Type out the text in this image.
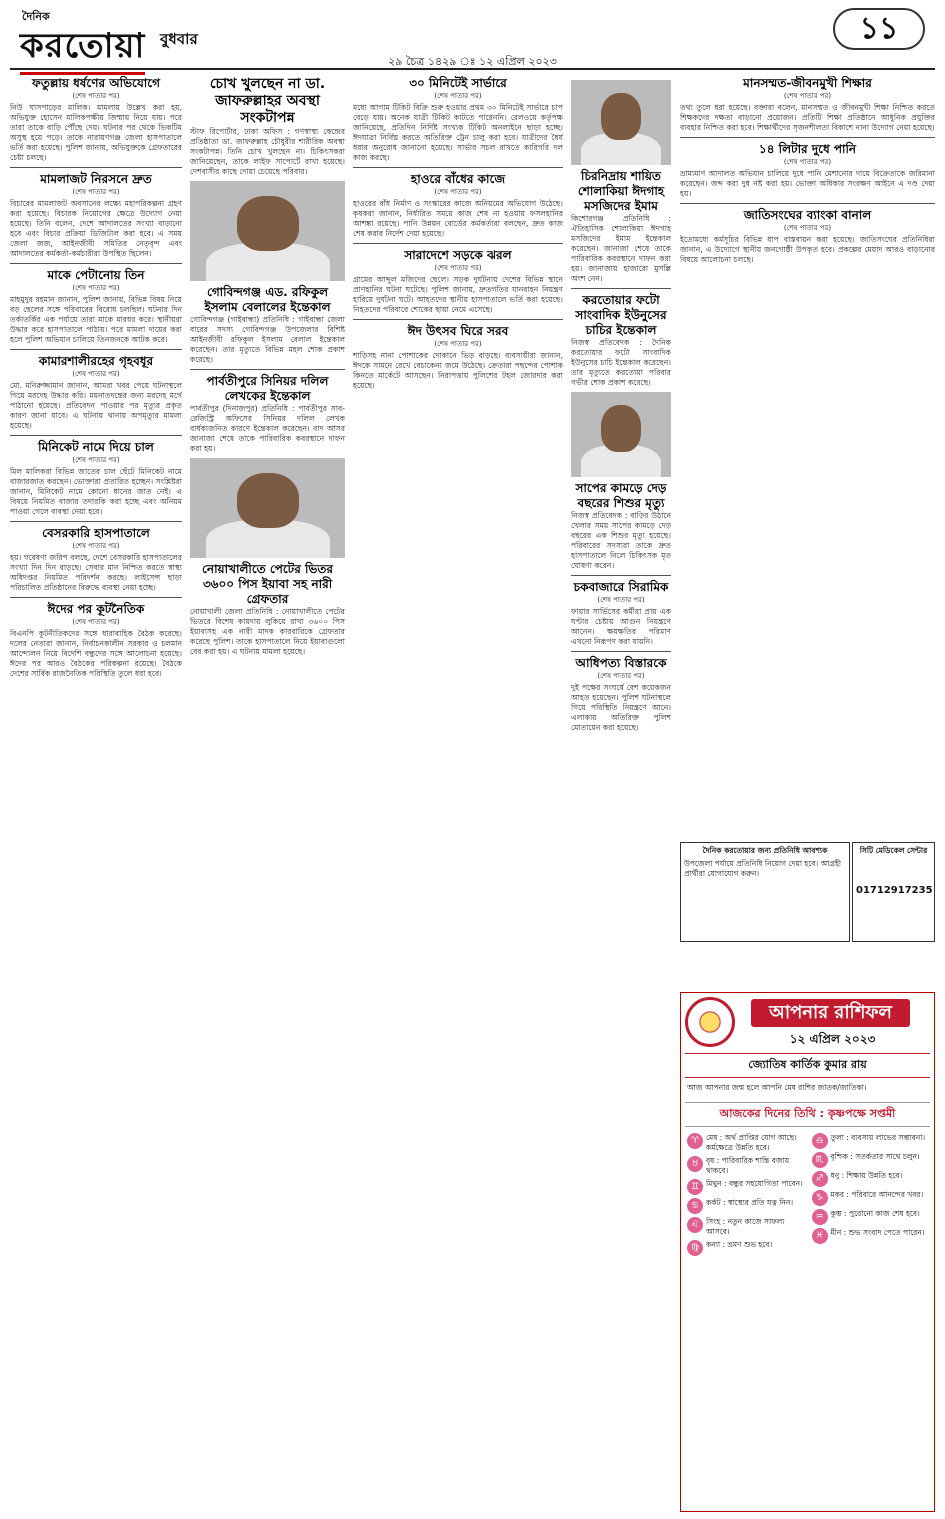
দৈনিক
করতোয়া বুধবার
২৯ চৈত্র ১৪২৯ ঃ ১২ এপ্রিল ২০২৩
১১
ফতুল্লায় ধর্ষণের অভিযোগে
(শেষ পাতার পর)

নিউ ঘাসপাড়ের মালিক। মামলায় উল্লেখ করা হয়, অভিযুক্ত হোসেন মালিকপক্ষীয় জিম্মায় নিয়ে যায়। পরে তারা তাকে বাড়ি পৌঁছে দেয়। ঘটনার পর থেকে ভিকটিম অসুস্থ হয়ে পড়ে। তাকে নারায়ণগঞ্জ জেলা হাসপাতালে ভর্তি করা হয়েছে। পুলিশ জানায়, অভিযুক্তকে গ্রেফতারের চেষ্টা চলছে।

মামলাজট নিরসনে দ্রুত
(শেষ পাতার পর)

বিচারের মামলাজট অবসানের লক্ষ্যে মহাপরিকল্পনা গ্রহণ করা হয়েছে। বিচারক নিয়োগের ক্ষেত্রে উদ্যোগ নেয়া হয়েছে। তিনি বলেন, দেশে আদালতের সংখ্যা বাড়ানো হবে এবং বিচার প্রক্রিয়া ডিজিটাল করা হবে। এ সময় জেলা জজ, আইনজীবী সমিতির নেতৃবৃন্দ এবং আদালতের কর্মকর্তা-কর্মচারীরা উপস্থিত ছিলেন।

মাকে পেটানোয় তিন
(শেষ পাতার পর)

মাহমুদুর রহমান জানান, পুলিশ জানায়, বিভিন্ন বিষয় নিয়ে বড় ছেলের সঙ্গে পরিবারের বিরোধ চলছিল। ঘটনার দিন তর্কাতর্কির এক পর্যায়ে তারা মাকে মারধর করে। স্থানীয়রা উদ্ধার করে হাসপাতালে পাঠায়। পরে মামলা দায়ের করা হলে পুলিশ অভিযান চালিয়ে তিনজনকে আটক করে।

কামারশালীরহের গৃহবধূর
(শেষ পাতার পর)

মো. মনিরুজ্জামান জানান, আমরা খবর পেয়ে ঘটনাস্থলে গিয়ে মরদেহ উদ্ধার করি। ময়নাতদন্তের জন্য মরদেহ মর্গে পাঠানো হয়েছে। প্রতিবেদন পাওয়ার পর মৃত্যুর প্রকৃত কারণ জানা যাবে। এ ঘটনায় থানায় অপমৃত্যুর মামলা হয়েছে।

মিনিকেট নামে দিয়ে চাল
(শেষ পাতার পর)

মিল মালিকরা বিভিন্ন জাতের চাল ছেঁটে মিনিকেট নামে বাজারজাত করছেন। ভোক্তারা প্রতারিত হচ্ছেন। সংশ্লিষ্টরা জানান, মিনিকেট নামে কোনো ধানের জাত নেই। এ বিষয়ে নিয়মিত বাজার তদারকি করা হচ্ছে এবং অনিয়ম পাওয়া গেলে ব্যবস্থা নেয়া হবে।

বেসরকারি হাসপাতালে
(শেষ পাতার পর)

হয়। গবেষণা জরিপ বলছে, দেশে বেসরকারি হাসপাতালের সংখ্যা দিন দিন বাড়ছে। সেবার মান নিশ্চিত করতে স্বাস্থ্য অধিদপ্তর নিয়মিত পরিদর্শন করছে। লাইসেন্স ছাড়া পরিচালিত প্রতিষ্ঠানের বিরুদ্ধে ব্যবস্থা নেয়া হচ্ছে।

ঈদের পর কূটনৈতিক
(শেষ পাতার পর)

বিএনপি কূটনীতিকদের সঙ্গে ধারাবাহিক বৈঠক করেছে। দলের নেতারা জানান, নির্বাচনকালীন সরকার ও চলমান আন্দোলন নিয়ে বিদেশি বন্ধুদের সঙ্গে আলোচনা হয়েছে। ঈদের পর আরও বৈঠকের পরিকল্পনা রয়েছে। বৈঠকে দেশের সার্বিক রাজনৈতিক পরিস্থিতি তুলে ধরা হবে।

চোখ খুলছেন না ডা. জাফরুল্লাহর অবস্থা সংকটাপন্ন

স্টাফ রিপোর্টার, ঢাকা অফিস : গণস্বাস্থ্য কেন্দ্রের প্রতিষ্ঠাতা ডা. জাফরুল্লাহ চৌধুরীর শারীরিক অবস্থা সংকটাপন্ন। তিনি চোখ খুলছেন না। চিকিৎসকরা জানিয়েছেন, তাকে লাইফ সাপোর্টে রাখা হয়েছে। দেশবাসীর কাছে দোয়া চেয়েছে পরিবার।

গোবিন্দগঞ্জ এড. রফিকুল ইসলাম বেলালের ইন্তেকাল

গোবিন্দগঞ্জ (গাইবান্ধা) প্রতিনিধি : গাইবান্ধা জেলা বারের সদস্য গোবিন্দগঞ্জ উপজেলার বিশিষ্ট আইনজীবী রফিকুল ইসলাম বেলাল ইন্তেকাল করেছেন। তার মৃত্যুতে বিভিন্ন মহল শোক প্রকাশ করেছে।

পার্বতীপুরে সিনিয়র দলিল লেখকের ইন্তেকাল

পার্বতীপুর (দিনাজপুর) প্রতিনিধি : পার্বতীপুর সাব-রেজিস্ট্রি অফিসের সিনিয়র দলিল লেখক বার্ধক্যজনিত কারণে ইন্তেকাল করেছেন। বাদ আসর জানাজা শেষে তাকে পারিবারিক কবরস্থানে দাফন করা হয়।

নোয়াখালীতে পেটের ভিতর ৩৬০০ পিস ইয়াবা সহ নারী গ্রেফতার

নোয়াখালী জেলা প্রতিনিধি : নোয়াখালীতে পেটের ভিতরে বিশেষ কায়দায় লুকিয়ে রাখা ৩৬০০ পিস ইয়াবাসহ এক নারী মাদক কারবারিকে গ্রেফতার করেছে পুলিশ। তাকে হাসপাতালে নিয়ে ইয়াবাগুলো বের করা হয়। এ ঘটনায় মামলা হয়েছে।

৩০ মিনিটেই সার্ভারে
(শেষ পাতার পর)

মধ্যে আগাম টিকিট বিক্রি শুরু হওয়ার প্রথম ৩০ মিনিটেই সার্ভারে চাপ বেড়ে যায়। অনেক যাত্রী টিকিট কাটতে পারেননি। রেলওয়ে কর্তৃপক্ষ জানিয়েছে, প্রতিদিন নির্দিষ্ট সংখ্যক টিকিট অনলাইনে ছাড়া হচ্ছে। ঈদযাত্রা নির্বিঘ্ন করতে অতিরিক্ত ট্রেন চালু করা হবে। যাত্রীদের ধৈর্য ধরার অনুরোধ জানানো হয়েছে। সার্ভার সচল রাখতে কারিগরি দল কাজ করছে।

হাওরে বাঁধের কাজে
(শেষ পাতার পর)

হাওরের বাঁধ নির্মাণ ও সংস্কারের কাজে অনিয়মের অভিযোগ উঠেছে। কৃষকরা জানান, নির্ধারিত সময়ে কাজ শেষ না হওয়ায় ফসলহানির আশঙ্কা রয়েছে। পানি উন্নয়ন বোর্ডের কর্মকর্তারা বলছেন, দ্রুত কাজ শেষ করার নির্দেশ দেয়া হয়েছে।

সারাদেশে সড়কে ঝরল
(শেষ পাতার পর)

গ্রামের আব্দুল মজিদের ছেলে। সড়ক দুর্ঘটনায় দেশের বিভিন্ন স্থানে প্রাণহানির ঘটনা ঘটেছে। পুলিশ জানায়, দ্রুতগতির যানবাহন নিয়ন্ত্রণ হারিয়ে দুর্ঘটনা ঘটে। আহতদের স্থানীয় হাসপাতালে ভর্তি করা হয়েছে। নিহতদের পরিবারে শোকের ছায়া নেমে এসেছে।

ঈদ উৎসব ঘিরে সরব
(শেষ পাতার পর)

শাড়িসহ নানা পোশাকের দোকানে ভিড় বাড়ছে। ব্যবসায়ীরা জানান, ঈদকে সামনে রেখে বেচাকেনা জমে উঠেছে। ক্রেতারা পছন্দের পোশাক কিনতে মার্কেটে আসছেন। নিরাপত্তায় পুলিশের টহল জোরদার করা হয়েছে।

চিরনিদ্রায় শায়িত শোলাকিয়া ঈদগাহ মসজিদের ইমাম

কিশোরগঞ্জ প্রতিনিধি : ঐতিহাসিক শোলাকিয়া ঈদগাহ মসজিদের ইমাম ইন্তেকাল করেছেন। জানাজা শেষে তাকে পারিবারিক কবরস্থানে দাফন করা হয়। জানাজায় হাজারো মুসল্লি অংশ নেন।

করতোয়ার ফটো সাংবাদিক ইউনুসের চাচির ইন্তেকাল

নিজস্ব প্রতিবেদক : দৈনিক করতোয়ার ফটো সাংবাদিক ইউনুসের চাচি ইন্তেকাল করেছেন। তার মৃত্যুতে করতোয়া পরিবার গভীর শোক প্রকাশ করেছে।

সাপের কামড়ে দেড় বছরের শিশুর মৃত্যু

নিজস্ব প্রতিবেদক : বাড়ির উঠানে খেলার সময় সাপের কামড়ে দেড় বছরের এক শিশুর মৃত্যু হয়েছে। পরিবারের সদস্যরা তাকে দ্রুত হাসপাতালে নিলে চিকিৎসক মৃত ঘোষণা করেন।

চকবাজারে সিরামিক
(শেষ পাতার পর)

ফায়ার সার্ভিসের কর্মীরা প্রায় এক ঘণ্টার চেষ্টায় আগুন নিয়ন্ত্রণে আনেন। ক্ষয়ক্ষতির পরিমাণ এখনো নিরূপণ করা যায়নি।

আধিপত্য বিস্তারকে
(শেষ পাতার পর)

দুই পক্ষের সংঘর্ষে বেশ কয়েকজন আহত হয়েছেন। পুলিশ ঘটনাস্থলে গিয়ে পরিস্থিতি নিয়ন্ত্রণে আনে। এলাকায় অতিরিক্ত পুলিশ মোতায়েন করা হয়েছে।

মানসম্মত-জীবনমুখী শিক্ষার
(শেষ পাতার পর)

তথ্য তুলে ধরা হয়েছে। বক্তারা বলেন, মানসম্মত ও জীবনমুখী শিক্ষা নিশ্চিত করতে শিক্ষকদের দক্ষতা বাড়ানো প্রয়োজন। প্রতিটি শিক্ষা প্রতিষ্ঠানে আধুনিক প্রযুক্তির ব্যবহার নিশ্চিত করা হবে। শিক্ষার্থীদের সৃজনশীলতা বিকাশে নানা উদ্যোগ নেয়া হয়েছে।

১৪ লিটার দুধে পানি
(শেষ পাতার পর)

ভ্রাম্যমাণ আদালত অভিযান চালিয়ে দুধে পানি মেশানোর দায়ে বিক্রেতাকে জরিমানা করেছেন। জব্দ করা দুধ নষ্ট করা হয়। ভোক্তা অধিকার সংরক্ষণ আইনে এ দণ্ড দেয়া হয়।

জাতিসংঘের ব্যাংকা বানাল
(শেষ পাতার পর)

ইতোমধ্যে কর্মসূচির বিভিন্ন ধাপ বাস্তবায়ন করা হয়েছে। জাতিসংঘের প্রতিনিধিরা জানান, এ উদ্যোগে স্থানীয় জনগোষ্ঠী উপকৃত হবে। প্রকল্পের মেয়াদ আরও বাড়ানোর বিষয়ে আলোচনা চলছে।

দৈনিক করতোয়ার জন্য প্রতিনিধি আবশ্যক
উপজেলা পর্যায়ে প্রতিনিধি নিয়োগ দেয়া হবে। আগ্রহী প্রার্থীরা যোগাযোগ করুন।
সিটি মেডিকেল সেন্টার
01712917235
আপনার রাশিফল
১২ এপ্রিল ২০২৩
জ্যোতিষ কার্তিক কুমার রায়
আজ আপনার জন্ম হলে আপনি মেষ রাশির জাতক/জাতিকা।
আজকের দিনের তিথি : কৃষ্ণপক্ষে সপ্তমী
♈ মেষ : অর্থ প্রাপ্তির যোগ আছে। কর্মক্ষেত্রে উন্নতি হবে।
♉ বৃষ : পারিবারিক শান্তি বজায় থাকবে।
♊ মিথুন : বন্ধুর সহযোগিতা পাবেন।
♋ কর্কট : স্বাস্থ্যের প্রতি যত্ন নিন।
♌ সিংহ : নতুন কাজে সাফল্য আসবে।
♍ কন্যা : ভ্রমণ শুভ হবে।
♎ তুলা : ব্যবসায় লাভের সম্ভাবনা।
♏ বৃশ্চিক : সতর্কতার সাথে চলুন।
♐ ধনু : শিক্ষায় উন্নতি হবে।
♑ মকর : পরিবারে আনন্দের খবর।
♒ কুম্ভ : পুরোনো কাজ শেষ হবে।
♓ মীন : শুভ সংবাদ পেতে পারেন।
